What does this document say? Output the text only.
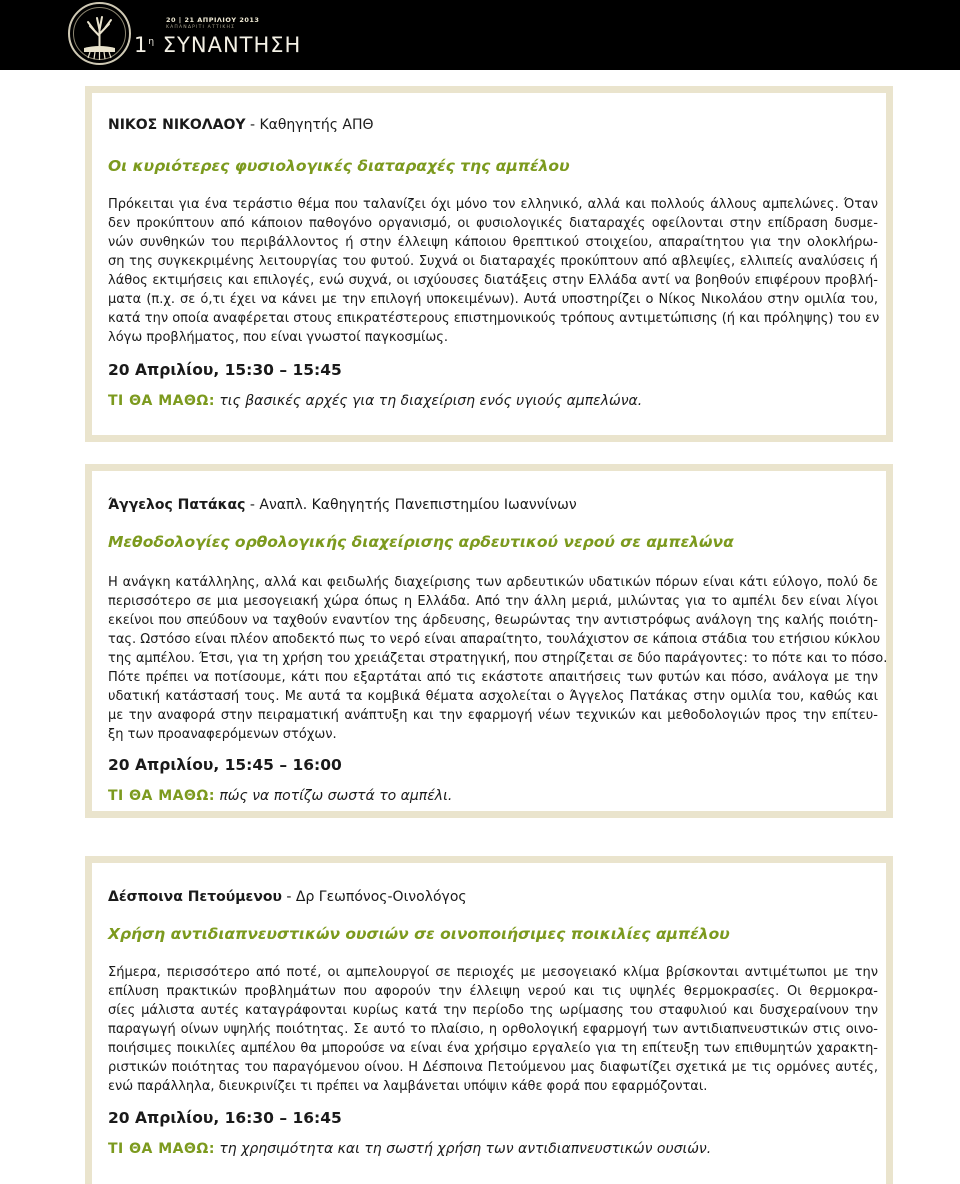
20 | 21 ΑΠΡΙΛΙΟΥ 2013
ΚΑΠΑΝΔΡΙΤΙ ΑΤΤΙΚΗΣ
$1^\eta$ ΣΥΝΑΝΤΗΣΗ
ΝΙΚΟΣ ΝΙΚΟΛΑΟΥ - Καθηγητής ΑΠΘ
Οι κυριότερες φυσιολογικές διαταραχές της αμπέλου
Πρόκειται για ένα τεράστιο θέμα που ταλανίζει όχι μόνο τον ελληνικό, αλλά και πολλούς άλλους αμπελώνες. Όταν
δεν προκύπτουν από κάποιον παθογόνο οργανισμό, οι φυσιολογικές διαταραχές οφείλονται στην επίδραση δυσμε-
νών συνθηκών του περιβάλλοντος ή στην έλλειψη κάποιου θρεπτικού στοιχείου, απαραίτητου για την ολοκλήρω-
ση της συγκεκριμένης λειτουργίας του φυτού. Συχνά οι διαταραχές προκύπτουν από αβλεψίες, ελλιπείς αναλύσεις ή
λάθος εκτιμήσεις και επιλογές, ενώ συχνά, οι ισχύουσες διατάξεις στην Ελλάδα αντί να βοηθούν επιφέρουν προβλή-
ματα (π.χ. σε ό,τι έχει να κάνει με την επιλογή υποκειμένων). Αυτά υποστηρίζει ο Νίκος Νικολάου στην ομιλία του,
κατά την οποία αναφέρεται στους επικρατέστερους επιστημονικούς τρόπους αντιμετώπισης (ή και πρόληψης) του εν
λόγω προβλήματος, που είναι γνωστοί παγκοσμίως.
20 Απριλίου, 15:30 – 15:45
ΤΙ ΘΑ ΜΑΘΩ: τις βασικές αρχές για τη διαχείριση ενός υγιούς αμπελώνα.
Άγγελος Πατάκας - Αναπλ. Καθηγητής Πανεπιστημίου Ιωαννίνων
Μεθοδολογίες ορθολογικής διαχείρισης αρδευτικού νερού σε αμπελώνα
Η ανάγκη κατάλληλης, αλλά και φειδωλής διαχείρισης των αρδευτικών υδατικών πόρων είναι κάτι εύλογο, πολύ δε
περισσότερο σε μια μεσογειακή χώρα όπως η Ελλάδα. Από την άλλη μεριά, μιλώντας για το αμπέλι δεν είναι λίγοι
εκείνοι που σπεύδουν να ταχθούν εναντίον της άρδευσης, θεωρώντας την αντιστρόφως ανάλογη της καλής ποιότη-
τας. Ωστόσο είναι πλέον αποδεκτό πως το νερό είναι απαραίτητο, τουλάχιστον σε κάποια στάδια του ετήσιου κύκλου
της αμπέλου. Έτσι, για τη χρήση του χρειάζεται στρατηγική, που στηρίζεται σε δύο παράγοντες: το πότε και το πόσο.
Πότε πρέπει να ποτίσουμε, κάτι που εξαρτάται από τις εκάστοτε απαιτήσεις των φυτών και πόσο, ανάλογα με την
υδατική κατάστασή τους. Με αυτά τα κομβικά θέματα ασχολείται ο Άγγελος Πατάκας στην ομιλία του, καθώς και
με την αναφορά στην πειραματική ανάπτυξη και την εφαρμογή νέων τεχνικών και μεθοδολογιών προς την επίτευ-
ξη των προαναφερόμενων στόχων.
20 Απριλίου, 15:45 – 16:00
ΤΙ ΘΑ ΜΑΘΩ: πώς να ποτίζω σωστά το αμπέλι.
Δέσποινα Πετούμενου - Δρ Γεωπόνος-Οινολόγος
Χρήση αντιδιαπνευστικών ουσιών σε οινοποιήσιμες ποικιλίες αμπέλου
Σήμερα, περισσότερο από ποτέ, οι αμπελουργοί σε περιοχές με μεσογειακό κλίμα βρίσκονται αντιμέτωποι με την
επίλυση πρακτικών προβλημάτων που αφορούν την έλλειψη νερού και τις υψηλές θερμοκρασίες. Οι θερμοκρα-
σίες μάλιστα αυτές καταγράφονται κυρίως κατά την περίοδο της ωρίμασης του σταφυλιού και δυσχεραίνουν την
παραγωγή οίνων υψηλής ποιότητας. Σε αυτό το πλαίσιο, η ορθολογική εφαρμογή των αντιδιαπνευστικών στις οινο-
ποιήσιμες ποικιλίες αμπέλου θα μπορούσε να είναι ένα χρήσιμο εργαλείο για τη επίτευξη των επιθυμητών χαρακτη-
ριστικών ποιότητας του παραγόμενου οίνου. Η Δέσποινα Πετούμενου μας διαφωτίζει σχετικά με τις ορμόνες αυτές,
ενώ παράλληλα, διευκρινίζει τι πρέπει να λαμβάνεται υπόψιν κάθε φορά που εφαρμόζονται.
20 Απριλίου, 16:30 – 16:45
ΤΙ ΘΑ ΜΑΘΩ: τη χρησιμότητα και τη σωστή χρήση των αντιδιαπνευστικών ουσιών.
